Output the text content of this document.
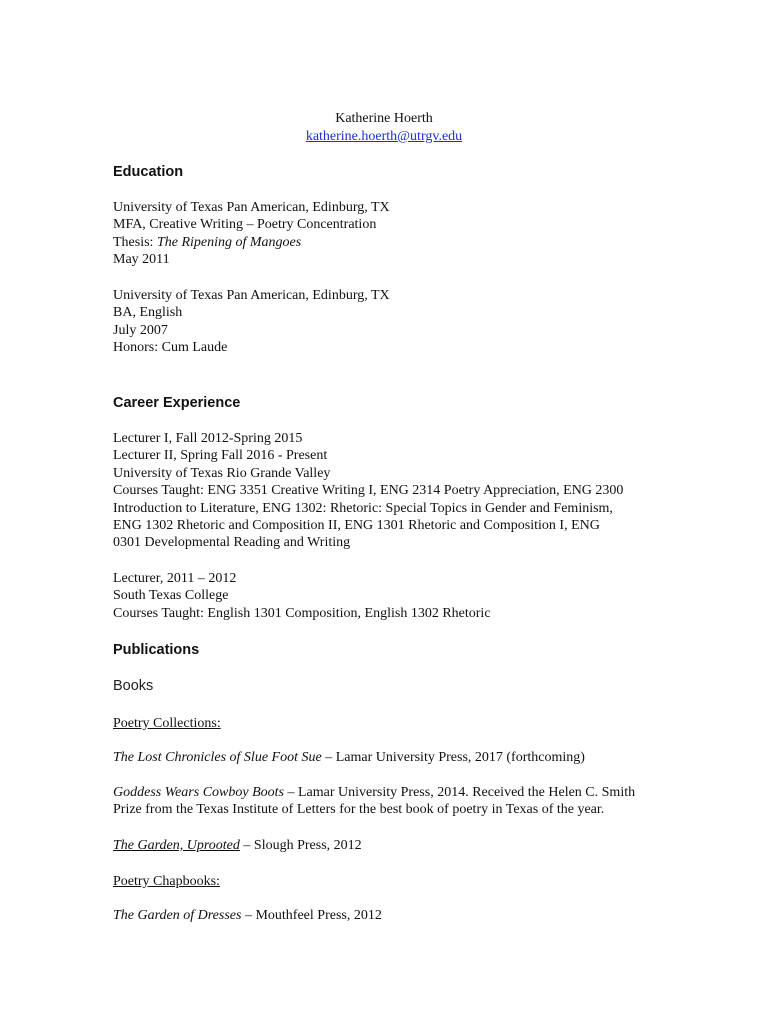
Katherine Hoerth
katherine.hoerth@utrgv.edu
Education
University of Texas Pan American, Edinburg, TX
MFA, Creative Writing – Poetry Concentration
Thesis: The Ripening of Mangoes
May 2011
University of Texas Pan American, Edinburg, TX
BA, English
July 2007
Honors: Cum Laude
Career Experience
Lecturer I, Fall 2012-Spring 2015
Lecturer II, Spring Fall 2016 - Present
University of Texas Rio Grande Valley
Courses Taught: ENG 3351 Creative Writing I, ENG 2314 Poetry Appreciation, ENG 2300
Introduction to Literature, ENG 1302: Rhetoric: Special Topics in Gender and Feminism,
ENG 1302 Rhetoric and Composition II, ENG 1301 Rhetoric and Composition I, ENG
0301 Developmental Reading and Writing
Lecturer, 2011 – 2012
South Texas College
Courses Taught: English 1301 Composition, English 1302 Rhetoric
Publications
Books
Poetry Collections:
The Lost Chronicles of Slue Foot Sue – Lamar University Press, 2017 (forthcoming)
Goddess Wears Cowboy Boots – Lamar University Press, 2014. Received the Helen C. Smith
Prize from the Texas Institute of Letters for the best book of poetry in Texas of the year.
The Garden, Uprooted – Slough Press, 2012
Poetry Chapbooks:
The Garden of Dresses – Mouthfeel Press, 2012
